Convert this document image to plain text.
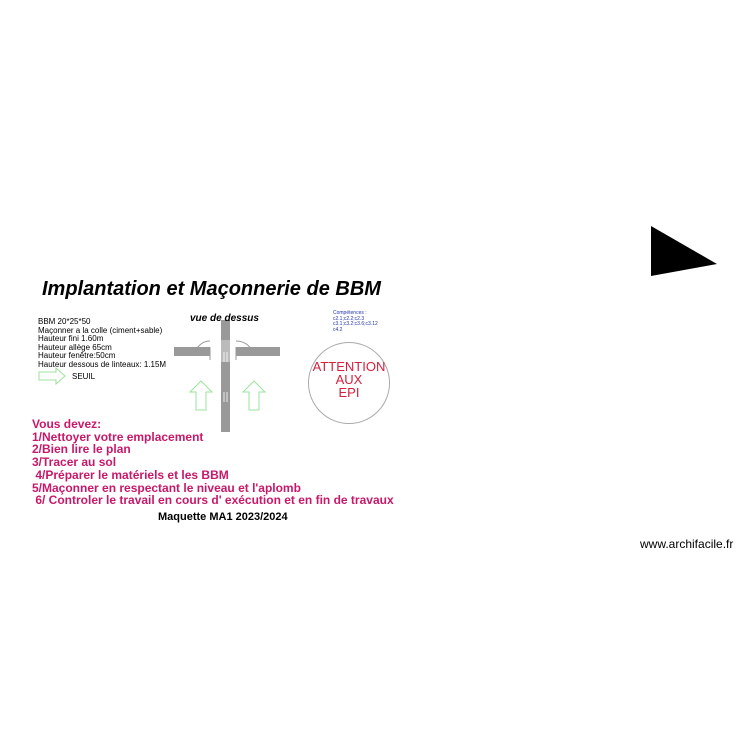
Implantation et Maçonnerie de BBM
BBM 20*25*50
Maçonner a la colle (ciment+sable)
Hauteur fini 1.60m
Hauteur allège 65cm
Hauteur fenêtre:50cm
Hauteur dessous de linteaux: 1.15M
SEUIL
vue de dessus	Compétences :
c2.1;c2.2;c2.3
c3.1;c3.2;c3.6;c3.12
c4.2
ATTENTION
AUX
EPI
Vous devez:
1/Nettoyer votre emplacement
2/Bien lire le plan
3/Tracer au sol
4/Préparer le matériels et les BBM
5/Maçonner en respectant le niveau et l'aplomb
6/ Controler le travail en cours d' exécution et en fin de travaux
Maquette MA1 2023/2024
www.archifacile.fr
